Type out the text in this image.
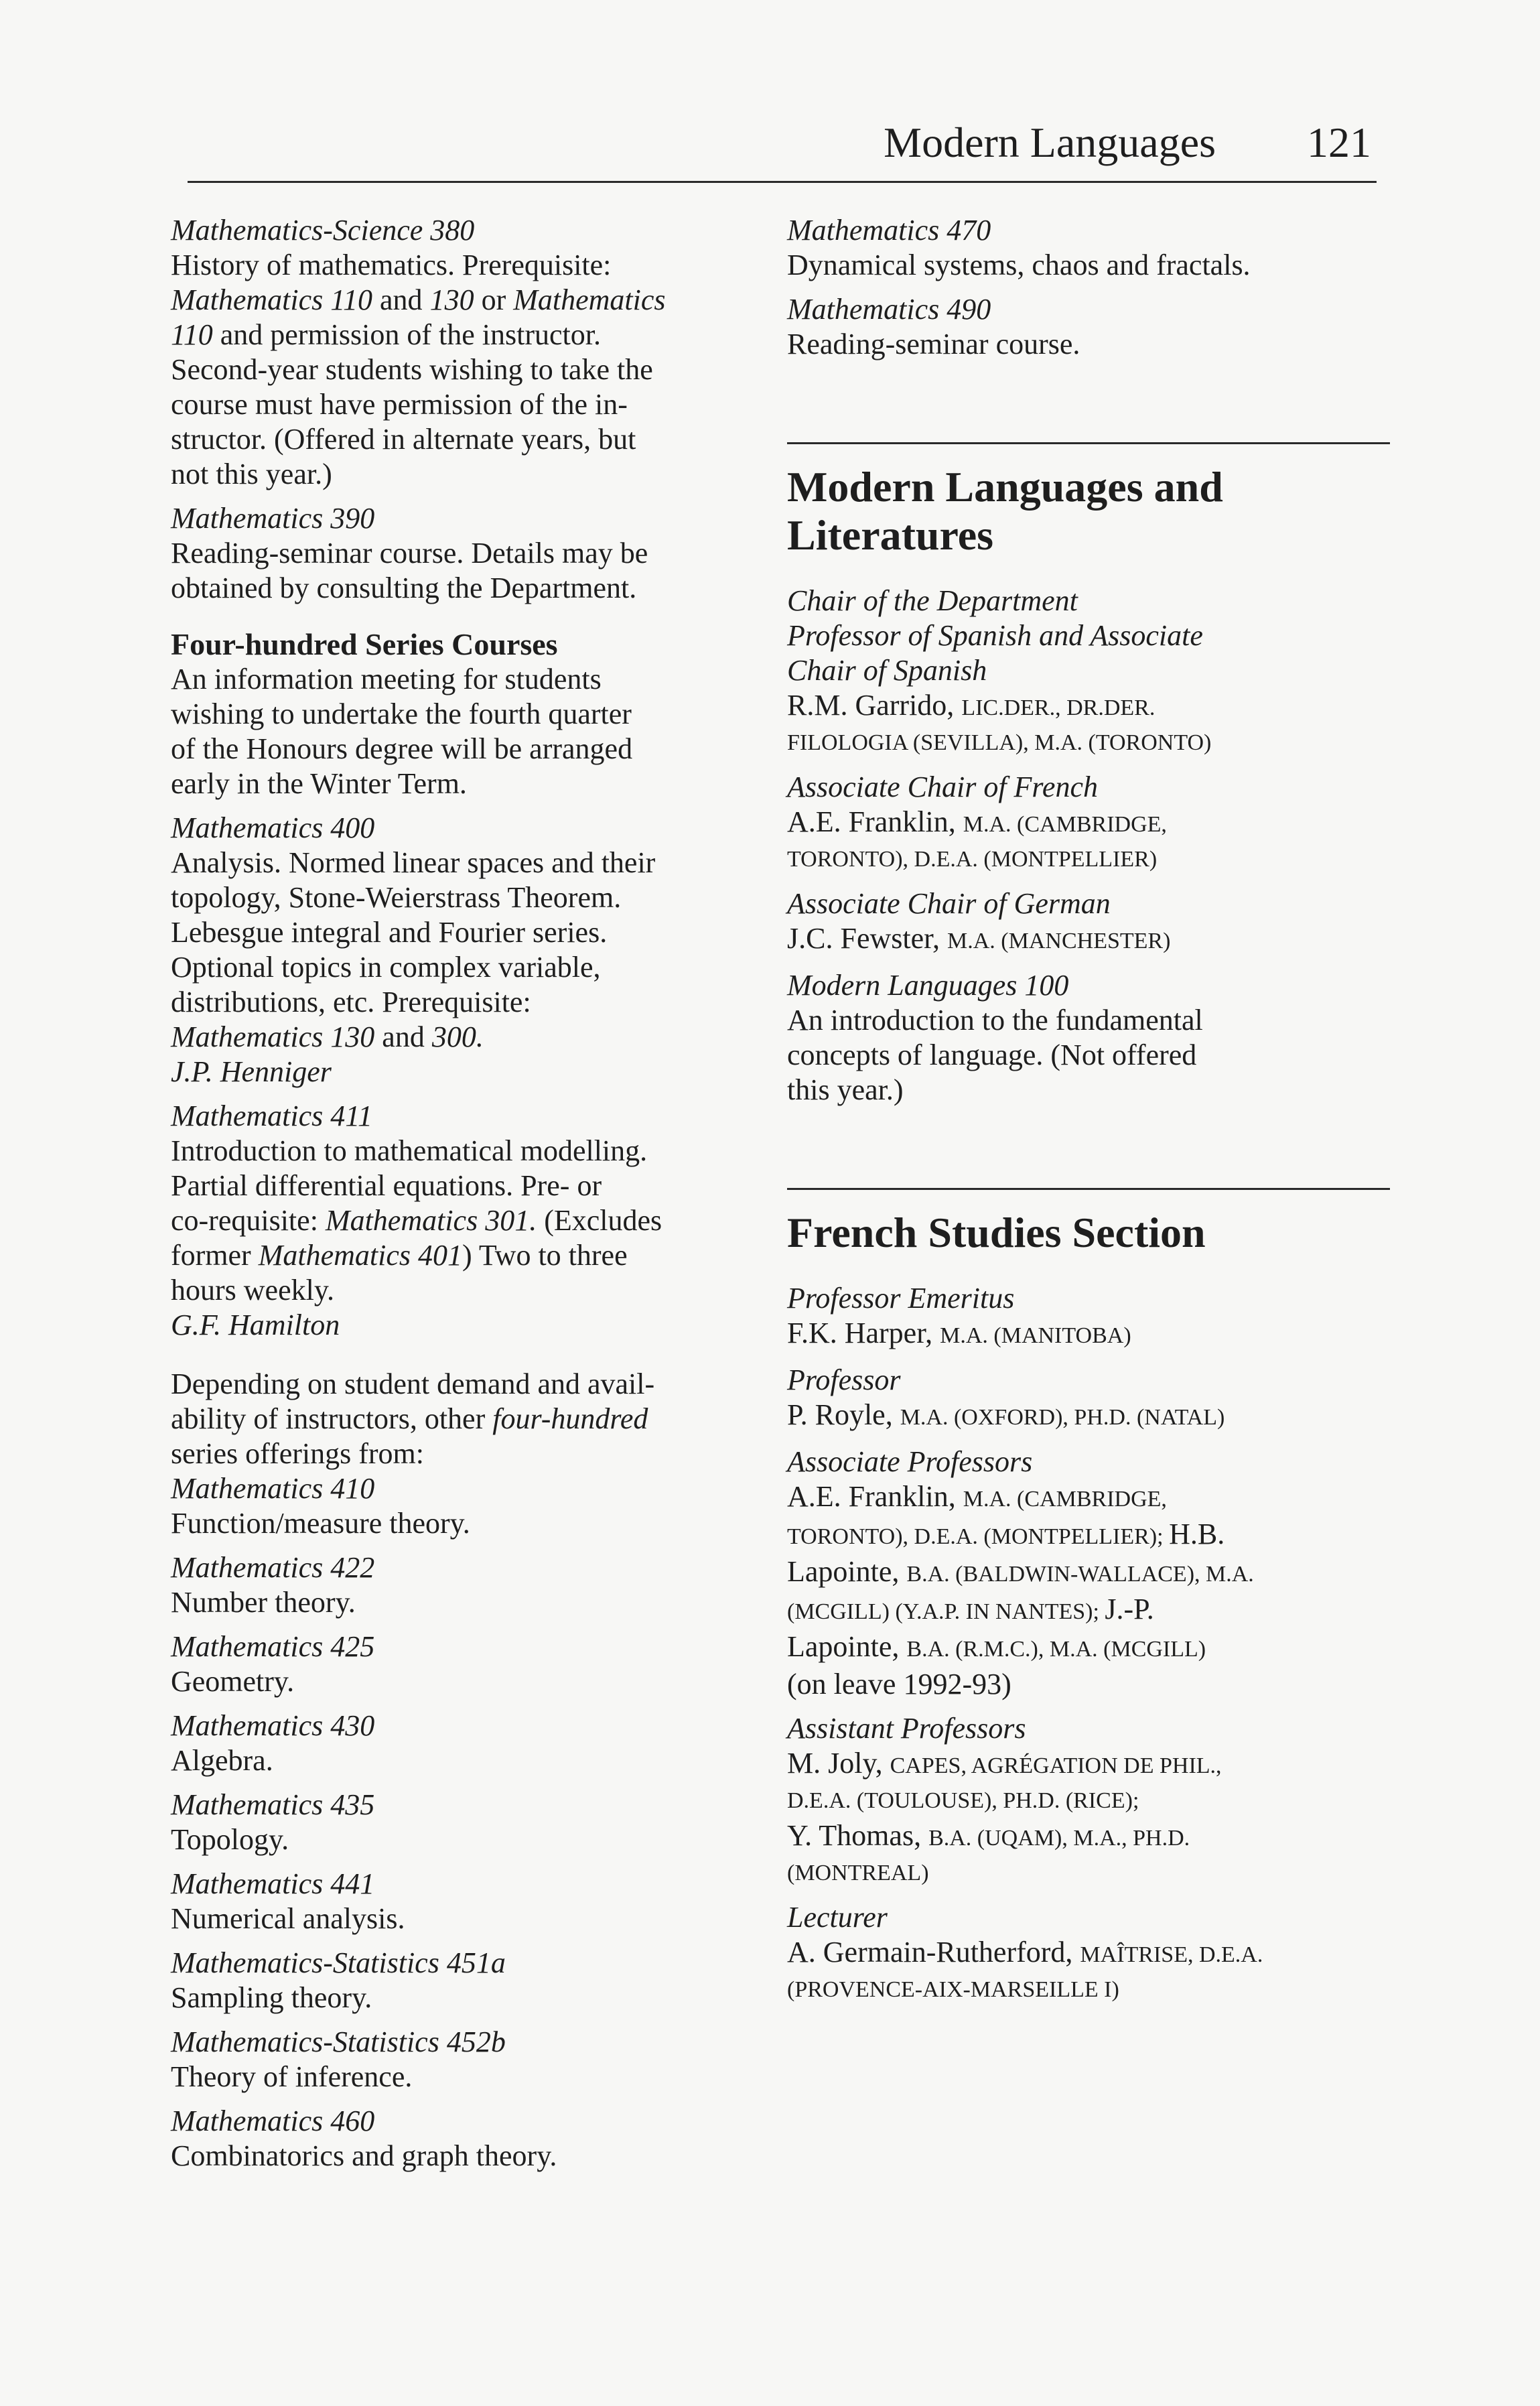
Modern Languages 121
Mathematics-Science 380
History of mathematics. Prerequisite:
Mathematics 110 and 130 or Mathematics
110 and permission of the instructor.
Second-year students wishing to take the
course must have permission of the in-
structor. (Offered in alternate years, but
not this year.)
Mathematics 390
Reading-seminar course. Details may be
obtained by consulting the Department.
Four-hundred Series Courses
An information meeting for students
wishing to undertake the fourth quarter
of the Honours degree will be arranged
early in the Winter Term.
Mathematics 400
Analysis. Normed linear spaces and their
topology, Stone-Weierstrass Theorem.
Lebesgue integral and Fourier series.
Optional topics in complex variable,
distributions, etc. Prerequisite:
Mathematics 130 and 300.
J.P. Henniger
Mathematics 411
Introduction to mathematical modelling.
Partial differential equations. Pre- or
co-requisite: Mathematics 301. (Excludes
former Mathematics 401) Two to three
hours weekly.
G.F. Hamilton
Depending on student demand and avail-
ability of instructors, other four-hundred
series offerings from:
Mathematics 410
Function/measure theory.
Mathematics 422
Number theory.
Mathematics 425
Geometry.
Mathematics 430
Algebra.
Mathematics 435
Topology.
Mathematics 441
Numerical analysis.
Mathematics-Statistics 451a
Sampling theory.
Mathematics-Statistics 452b
Theory of inference.
Mathematics 460
Combinatorics and graph theory.
Mathematics 470
Dynamical systems, chaos and fractals.
Mathematics 490
Reading-seminar course.
Modern Languages and
Literatures
Chair of the Department
Professor of Spanish and Associate
Chair of Spanish
R.M. Garrido, LIC.DER., DR.DER.
FILOLOGIA (SEVILLA), M.A. (TORONTO)
Associate Chair of French
A.E. Franklin, M.A. (CAMBRIDGE,
TORONTO), D.E.A. (MONTPELLIER)
Associate Chair of German
J.C. Fewster, M.A. (MANCHESTER)
Modern Languages 100
An introduction to the fundamental
concepts of language. (Not offered
this year.)
French Studies Section
Professor Emeritus
F.K. Harper, M.A. (MANITOBA)
Professor
P. Royle, M.A. (OXFORD), PH.D. (NATAL)
Associate Professors
A.E. Franklin, M.A. (CAMBRIDGE,
TORONTO), D.E.A. (MONTPELLIER); H.B.
Lapointe, B.A. (BALDWIN-WALLACE), M.A.
(MCGILL) (Y.A.P. IN NANTES); J.-P.
Lapointe, B.A. (R.M.C.), M.A. (MCGILL)
(on leave 1992-93)
Assistant Professors
M. Joly, CAPES, AGRÉGATION DE PHIL.,
D.E.A. (TOULOUSE), PH.D. (RICE);
Y. Thomas, B.A. (UQAM), M.A., PH.D.
(MONTREAL)
Lecturer
A. Germain-Rutherford, MAÎTRISE, D.E.A.
(PROVENCE-AIX-MARSEILLE I)
